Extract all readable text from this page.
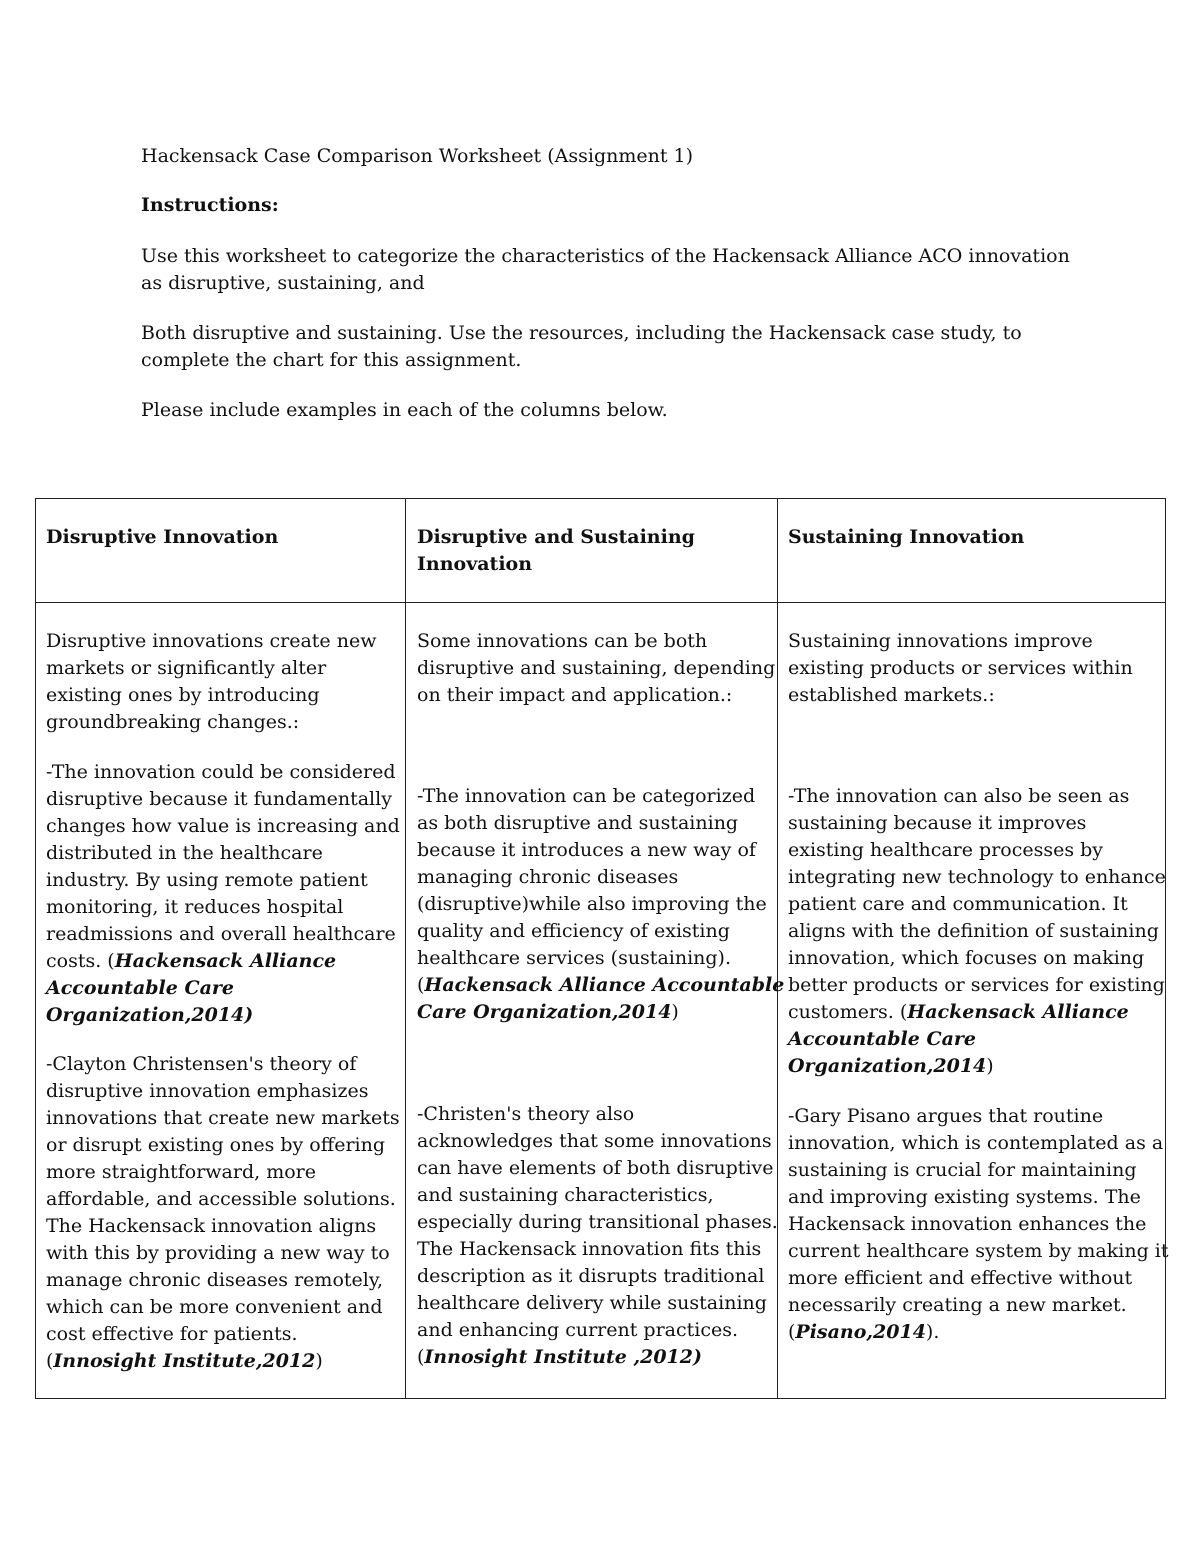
Hackensack Case Comparison Worksheet (Assignment 1)
Instructions:
Use this worksheet to categorize the characteristics of the Hackensack Alliance ACO innovation
as disruptive, sustaining, and
Both disruptive and sustaining. Use the resources, including the Hackensack case study, to
complete the chart for this assignment.
Please include examples in each of the columns below.
Disruptive Innovation	Disruptive and Sustaining Innovation
Sustaining Innovation
Disruptive innovations create new
markets or significantly alter
existing ones by introducing
groundbreaking changes.:
-The innovation could be considered
disruptive because it fundamentally
changes how value is increasing and
distributed in the healthcare
industry. By using remote patient
monitoring, it reduces hospital
readmissions and overall healthcare
costs. (Hackensack Alliance
Accountable Care
Organization,2014)
-Clayton Christensen's theory of
disruptive innovation emphasizes
innovations that create new markets
or disrupt existing ones by offering
more straightforward, more
affordable, and accessible solutions.
The Hackensack innovation aligns
with this by providing a new way to
manage chronic diseases remotely,
which can be more convenient and
cost effective for patients.
(Innosight Institute,2012)
Some innovations can be both
disruptive and sustaining, depending
on their impact and application.:
-The innovation can be categorized
as both disruptive and sustaining
because it introduces a new way of
managing chronic diseases
(disruptive)while also improving the
quality and efficiency of existing
healthcare services (sustaining).
(Hackensack Alliance Accountable
Care Organization,2014)
-Christen's theory also
acknowledges that some innovations
can have elements of both disruptive
and sustaining characteristics,
especially during transitional phases.
The Hackensack innovation fits this
description as it disrupts traditional
healthcare delivery while sustaining
and enhancing current practices.
(Innosight Institute ,2012)
Sustaining innovations improve
existing products or services within
established markets.:
-The innovation can also be seen as
sustaining because it improves
existing healthcare processes by
integrating new technology to enhance
patient care and communication. It
aligns with the definition of sustaining
innovation, which focuses on making
better products or services for existing
customers. (Hackensack Alliance
Accountable Care
Organization,2014)
-Gary Pisano argues that routine
innovation, which is contemplated as a
sustaining is crucial for maintaining
and improving existing systems. The
Hackensack innovation enhances the
current healthcare system by making it
more efficient and effective without
necessarily creating a new market.
(Pisano,2014).
